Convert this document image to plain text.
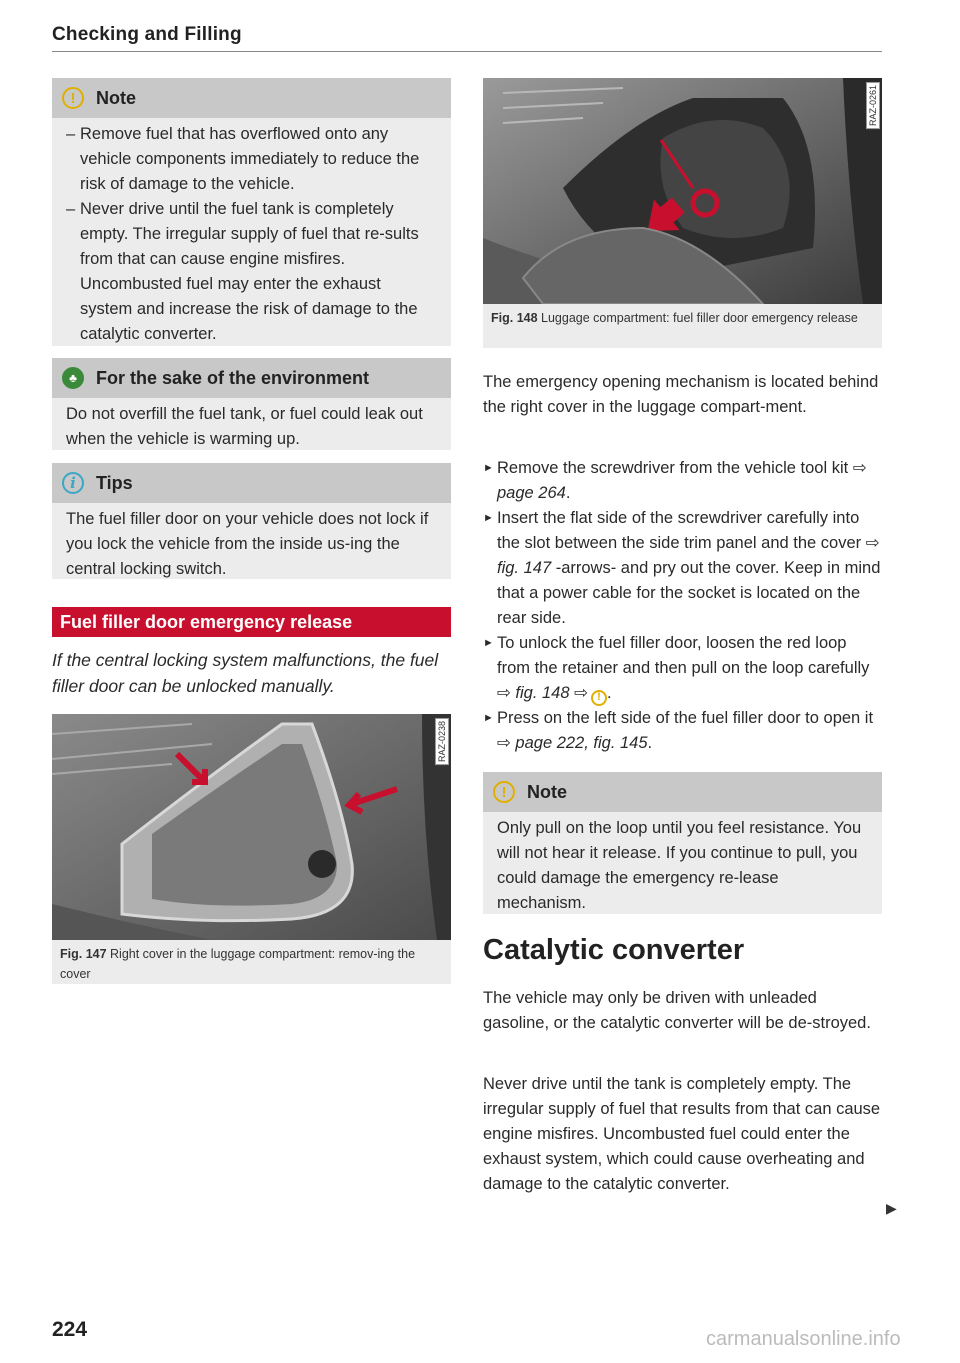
Checking and Filling
!	Note
– Remove fuel that has overflowed onto any vehicle components immediately to reduce the risk of damage to the vehicle.
– Never drive until the fuel tank is completely empty. The irregular supply of fuel that re-sults from that can cause engine misfires. Uncombusted fuel may enter the exhaust system and increase the risk of damage to the catalytic converter.
♣	For the sake of the environment
Do not overfill the fuel tank, or fuel could leak out when the vehicle is warming up.
i	Tips
The fuel filler door on your vehicle does not lock if you lock the vehicle from the inside us-ing the central locking switch.
Fuel filler door emergency release
If the central locking system malfunctions, the fuel filler door can be unlocked manually.
RAZ-0238
Fig. 147 Right cover in the luggage compartment: remov-ing the cover
RAZ-0261
Fig. 148 Luggage compartment: fuel filler door emergency release
The emergency opening mechanism is located behind the right cover in the luggage compart-ment.
► Remove the screwdriver from the vehicle tool kit ⇨ page 264.
► Insert the flat side of the screwdriver carefully into the slot between the side trim panel and the cover ⇨ fig. 147 -arrows- and pry out the cover. Keep in mind that a power cable for the socket is located on the rear side.
► To unlock the fuel filler door, loosen the red loop from the retainer and then pull on the loop carefully ⇨ fig. 148 ⇨ ! .
► Press on the left side of the fuel filler door to open it ⇨ page 222, fig. 145.
!	Note
Only pull on the loop until you feel resistance. You will not hear it release. If you continue to pull, you could damage the emergency re-lease mechanism.
Catalytic converter
The vehicle may only be driven with unleaded gasoline, or the catalytic converter will be de-stroyed.
Never drive until the tank is completely empty. The irregular supply of fuel that results from that can cause engine misfires. Uncombusted fuel could enter the exhaust system, which could cause overheating and damage to the catalytic converter.
▶
224	carmanualsonline.info
